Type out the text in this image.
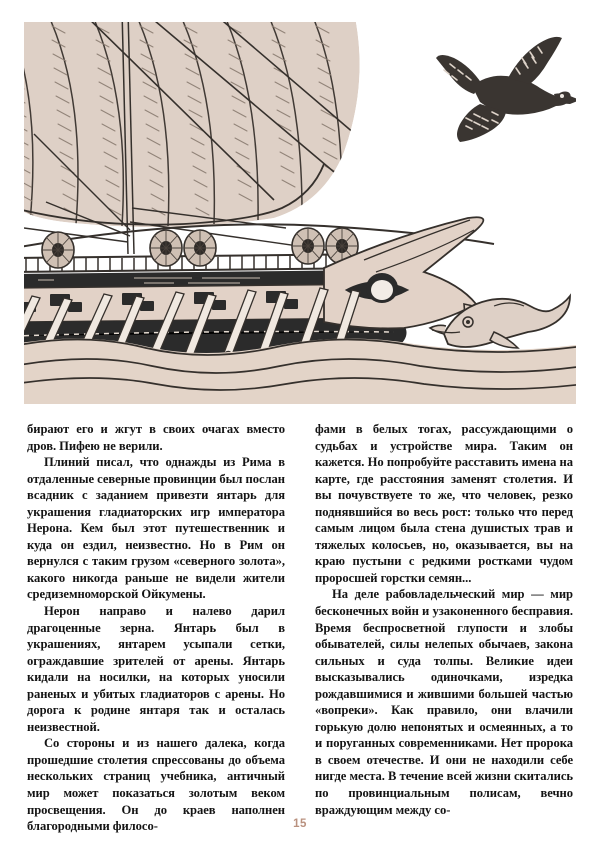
бирают его и жгут в своих очагах вместо дров. Пифею не верили.

Плиний писал, что однажды из Рима в отдаленные северные провинции был послан всадник с заданием привезти янтарь для украшения гладиаторских игр императора Нерона. Кем был этот путешественник и куда он ездил, неизвестно. Но в Рим он вернулся с таким грузом «северного золота», какого никогда раньше не видели жители средиземноморской Ойкумены.

Нерон направо и налево дарил драгоценные зерна. Янтарь был в украшениях, янтарем усыпали сетки, ограждавшие зрителей от арены. Янтарь кидали на носилки, на которых уносили раненых и убитых гладиаторов с арены. Но дорога к родине янтаря так и осталась неизвестной.

Со стороны и из нашего далека, когда прошедшие столетия спрессованы до объема нескольких страниц учебника, античный мир может показаться золотым веком просвещения. Он до краев наполнен благородными филосо-

фами в белых тогах, рассуждающими о судьбах и устройстве мира. Таким он кажется. Но попробуйте расставить имена на карте, где расстояния заменят столетия. И вы почувствуете то же, что человек, резко поднявшийся во весь рост: только что перед самым лицом была стена душистых трав и тяжелых колосьев, но, оказывается, вы на краю пустыни с редкими ростками чудом проросшей горстки семян...

На деле рабовладельческий мир — мир бесконечных войн и узаконенного бесправия. Время беспросветной глупости и злобы обывателей, силы нелепых обычаев, закона сильных и суда толпы. Великие идеи высказывались одиночками, изредка рождавшимися и жившими большей частью «вопреки». Как правило, они влачили горькую долю непонятых и осмеянных, а то и поруганных современниками. Нет пророка в своем отечестве. И они не находили себе нигде места. В течение всей жизни скитались по провинциальным полисам, вечно враждующим между со-

15
